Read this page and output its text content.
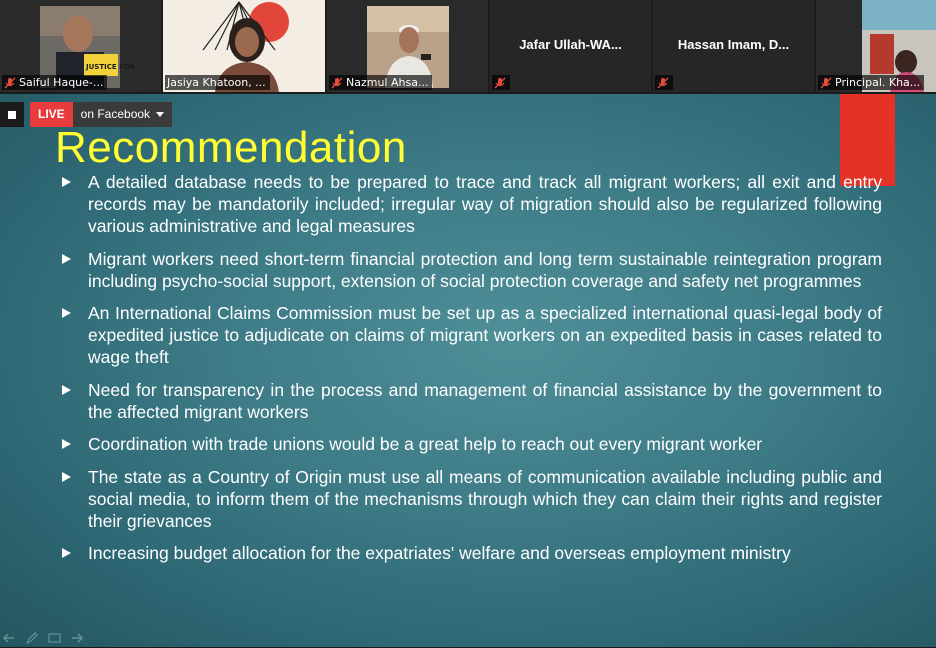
JUSTICE FOR
Saiful Haque-...	Jasiya Khatoon, ...	Nazmul Ahsa...
Jafar Ullah-WA...	Hassan Imam, D...
Principal. Kha...
LIVE	on Facebook
Recommendation
A detailed database needs to be prepared to trace and track all migrant workers; all exit and entry records may be mandatorily included; irregular way of migration should also be regularized following various administrative and legal measures
Migrant workers need short-term financial protection and long term sustainable reintegration program including psycho-social support, extension of social protection coverage and safety net programmes
An International Claims Commission must be set up as a specialized international quasi-legal body of expedited justice to adjudicate on claims of migrant workers on an expedited basis in cases related to wage theft
Need for transparency in the process and management of financial assistance by the government to the affected migrant workers
Coordination with trade unions would be a great help to reach out every migrant worker
The state as a Country of Origin must use all means of communication available including public and social media, to inform them of the mechanisms through which they can claim their rights and register their grievances
Increasing budget allocation for the expatriates' welfare and overseas employment ministry
